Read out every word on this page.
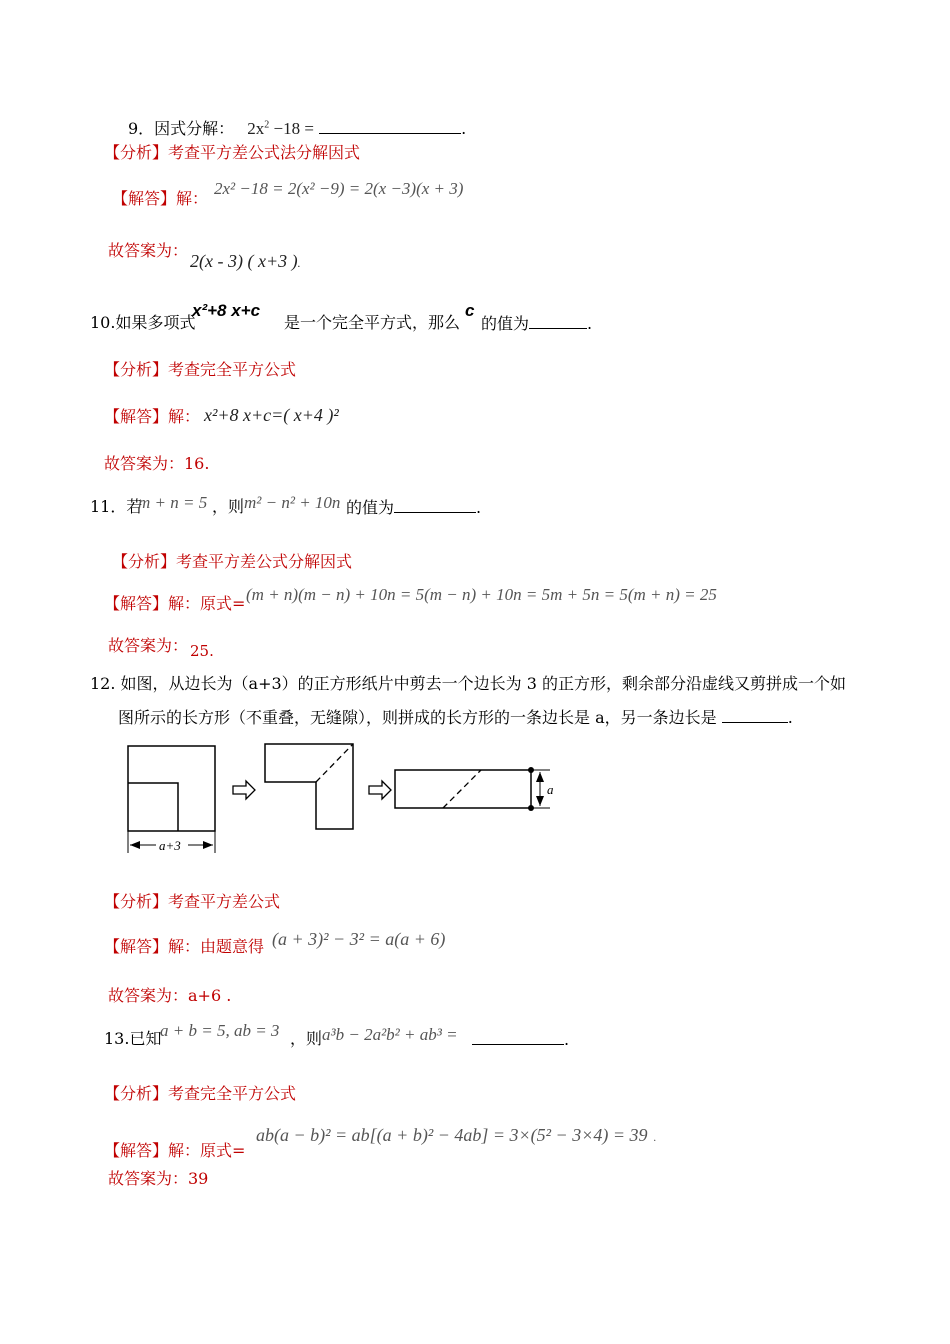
9．因式分解： $2x^2 -18$ =	.
【分析】考查平方差公式法分解因式
【解答】解：
2x² −18 = 2(x² −9) = 2(x −3)(x + 3)
故答案为：
2(x - 3) ( x+3 ).
x²+8 x+c	c
10.如果多项式	是一个完全平方式，那么 的值为	.
【分析】考查完全平方公式
【解答】解： x²+8 x+c=( x+4 )²
故答案为：16.
11．若
m + n = 5 ，则 m² − n² + 10n 的值为	.
【分析】考查平方差公式分解因式
【解答】解：原式= (m + n)(m − n) + 10n = 5(m − n) + 10n = 5m + 5n = 5(m + n) = 25
故答案为： 25.
12. 如图，从边长为（a+3）的正方形纸片中剪去一个边长为 3 的正方形，剩余部分沿虚线又剪拼成一个如
图所示的长方形（不重叠，无缝隙），则拼成的长方形的一条边长是 a，另一条边长是	.
a+3
a
【分析】考查平方差公式
【解答】解：由题意得 (a + 3)² − 3² = a(a + 6)
故答案为：a+6 .
13.已知
a + b = 5, ab = 3 ，则 a³b − 2a²b² + ab³ =	.
【分析】考查完全平方公式
【解答】解：原式=
ab(a − b)² = ab[(a + b)² − 4ab] = 3×(5² − 3×4) = 39 .
故答案为：39
